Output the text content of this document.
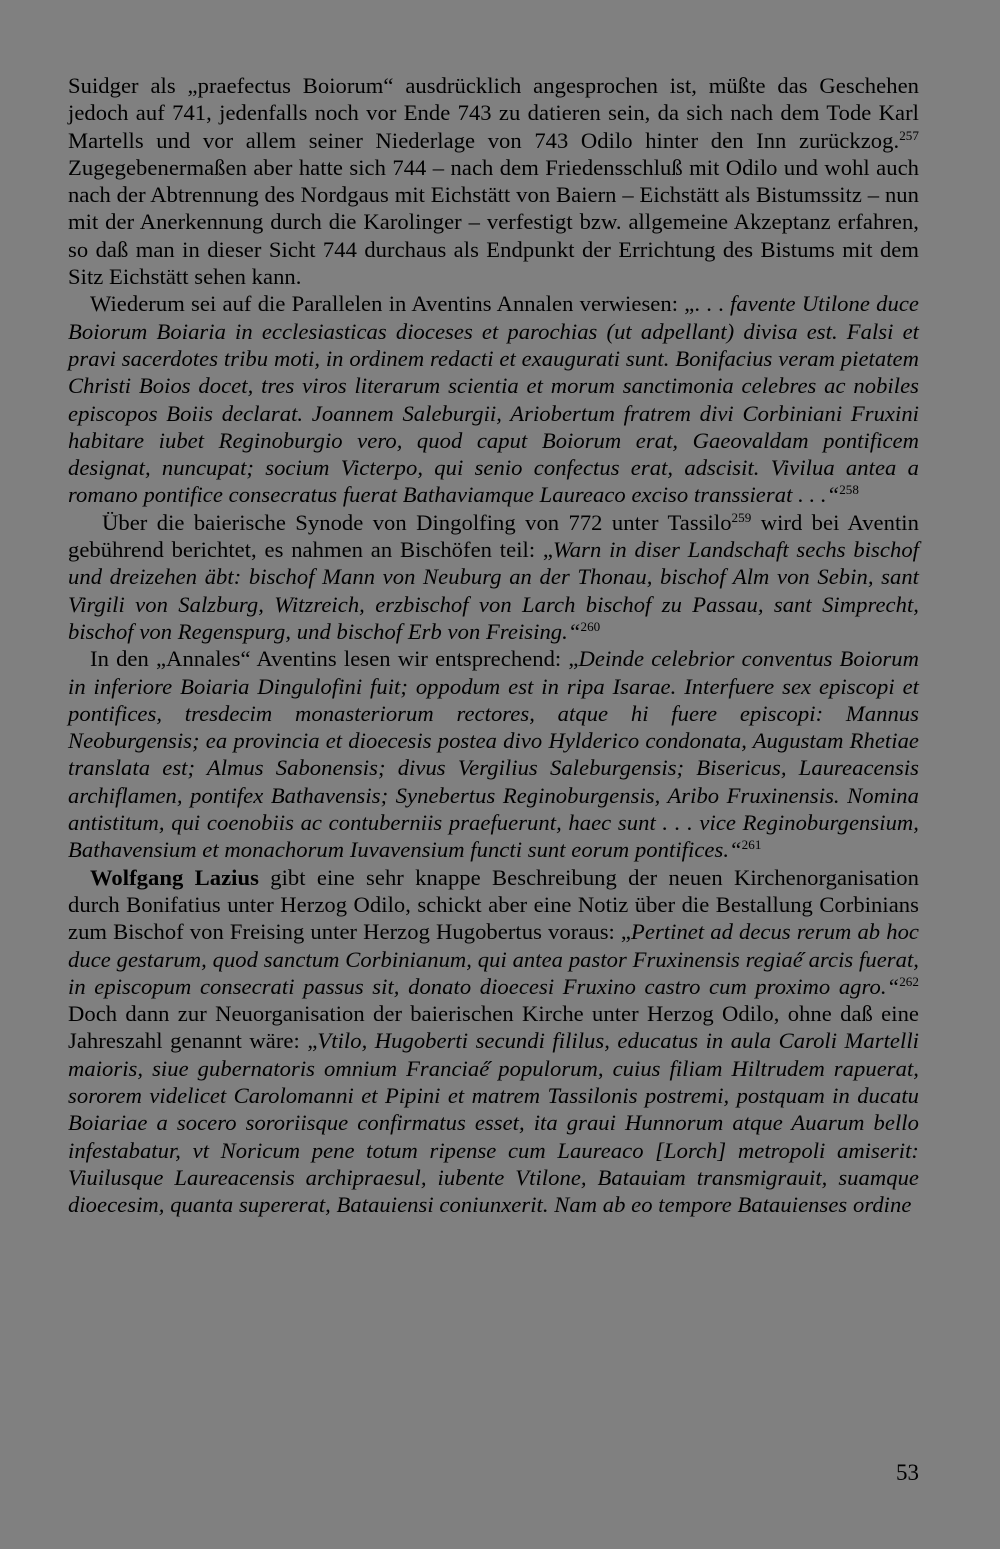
Suidger als „praefectus Boiorum“ ausdrücklich angesprochen ist, müßte das Geschehen jedoch auf 741, jedenfalls noch vor Ende 743 zu datieren sein, da sich nach dem Tode Karl Martells und vor allem seiner Niederlage von 743 Odilo hinter den Inn zurückzog.$^{257}$ Zugegebenermaßen aber hatte sich 744 – nach dem Friedensschluß mit Odilo und wohl auch nach der Abtrennung des Nordgaus mit Eichstätt von Baiern – Eichstätt als Bistumssitz – nun mit der Anerkennung durch die Karolinger – verfestigt bzw. allgemeine Akzeptanz erfahren, so daß man in dieser Sicht 744 durchaus als Endpunkt der Errichtung des Bistums mit dem Sitz Eichstätt sehen kann.

Wiederum sei auf die Parallelen in Aventins Annalen verwiesen: „. . . favente Utilone duce Boiorum Boiaria in ecclesiasticas dioceses et parochias (ut adpellant) divisa est. Falsi et pravi sacerdotes tribu moti, in ordinem redacti et exaugurati sunt. Bonifacius veram pietatem Christi Boios docet, tres viros literarum scientia et morum sanctimonia celebres ac nobiles episcopos Boiis declarat. Joannem Saleburgii, Ariobertum fratrem divi Corbiniani Fruxini habitare iubet Reginoburgio vero, quod caput Boiorum erat, Gaeovaldam pontificem designat, nuncupat; socium Victerpo, qui senio confectus erat, adscisit. Vivilua antea a romano pontifice consecratus fuerat Bathaviamque Laureaco exciso transsierat . . .“$^{258}$

Über die baierische Synode von Dingolfing von 772 unter Tassilo$^{259}$ wird bei Aventin gebührend berichtet, es nahmen an Bischöfen teil: „Warn in diser Landschaft sechs bischof und dreizehen äbt: bischof Mann von Neuburg an der Thonau, bischof Alm von Sebin, sant Virgili von Salzburg, Witzreich, erzbischof von Larch bischof zu Passau, sant Simprecht, bischof von Regenspurg, und bischof Erb von Freising.“$^{260}$

In den „Annales“ Aventins lesen wir entsprechend: „Deinde celebrior conventus Boiorum in inferiore Boiaria Dingulofini fuit; oppodum est in ripa Isarae. Interfuere sex episcopi et pontifices, tresdecim monasteriorum rectores, atque hi fuere episcopi: Mannus Neoburgensis; ea provincia et dioecesis postea divo Hylderico condonata, Augustam Rhetiae translata est; Almus Sabonensis; divus Vergilius Saleburgensis; Bisericus, Laureacensis archiflamen, pontifex Bathavensis; Synebertus Reginoburgensis, Aribo Fruxinensis. Nomina antistitum, qui coenobiis ac contuberniis praefuerunt, haec sunt . . . vice Reginoburgensium, Bathavensium et monachorum Iuvavensium functi sunt eorum pontifices.“$^{261}$

Wolfgang Lazius gibt eine sehr knappe Beschreibung der neuen Kirchenorganisation durch Bonifatius unter Herzog Odilo, schickt aber eine Notiz über die Bestallung Corbinians zum Bischof von Freising unter Herzog Hugobertus voraus: „Pertinet ad decus rerum ab hoc duce gestarum, quod sanctum Corbinianum, qui antea pastor Fruxinensis regiae̋ arcis fuerat, in episcopum consecrati passus sit, donato dioecesi Fruxino castro cum proximo agro.“$^{262}$ Doch dann zur Neuorganisation der baierischen Kirche unter Herzog Odilo, ohne daß eine Jahreszahl genannt wäre: „Vtilo, Hugoberti secundi fililus, educatus in aula Caroli Martelli maioris, siue gubernatoris omnium Franciae̋ populorum, cuius filiam Hiltrudem rapuerat, sororem videlicet Carolomanni et Pipini et matrem Tassilonis postremi, postquam in ducatu Boiariae a socero sororiisque confirmatus esset, ita graui Hunnorum atque Auarum bello infestabatur, vt Noricum pene totum ripense cum Laureaco [Lorch] metropoli amiserit: Viuilusque Laureacensis archipraesul, iubente Vtilone, Batauiam transmigrauit, suamque dioecesim, quanta supererat, Batauiensi coniunxerit. Nam ab eo tempore Batauienses ordine

53
